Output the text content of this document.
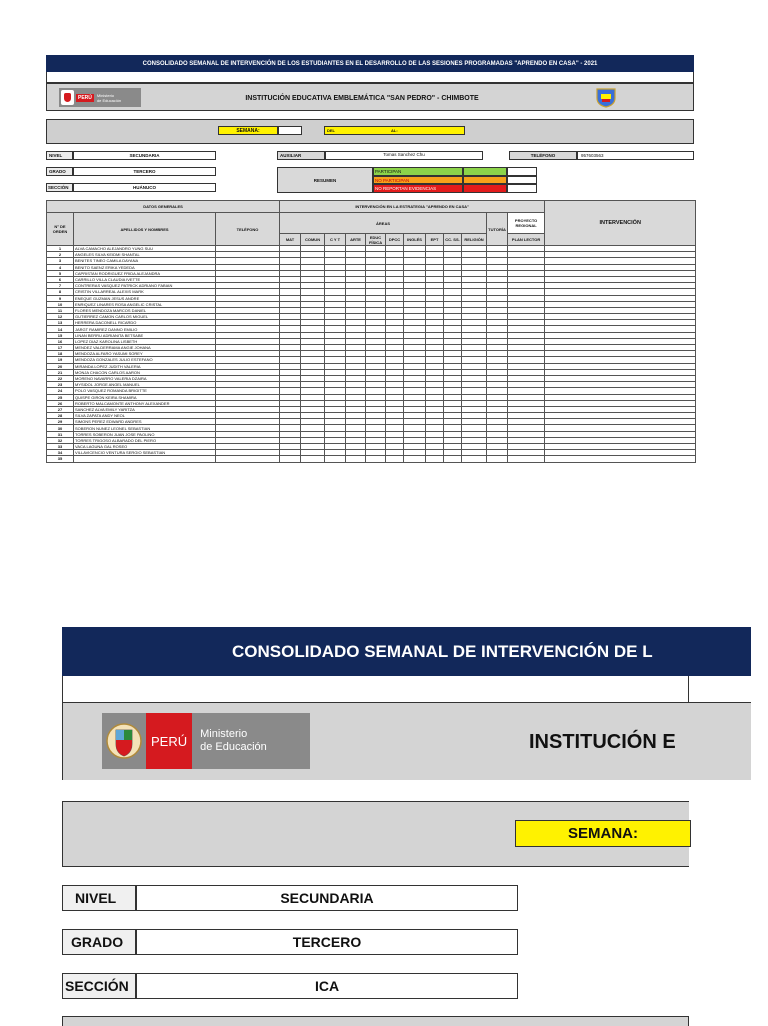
CONSOLIDADO SEMANAL DE INTERVENCIÓN DE LOS ESTUDIANTES EN EL DESARROLLO DE LAS SESIONES PROGRAMADAS "APRENDO EN CASA" - 2021
PERÚ	Ministerio
de Educación	INSTITUCIÓN EDUCATIVA EMBLEMÁTICA "SAN PEDRO" - CHIMBOTE
SEMANA:	DEL	AL:
NIVEL	SECUNDARIA
GRADO	TERCERO
SECCIÓN	HUÁNUCO
AUXILIAR	Tomas Sanchez Chu	TELÉFONO	957603563
RESUMEN
PARTICIPAN
NO PARTICIPAN
NO REPORTAN EVIDENCIAS
DATOS GENERALES			INTERVENCIÓN EN LA ESTRATEGIA "APRENDO EN CASA"												INTERVENCIÓN
N° DE ORDEN	APELLIDOS Y NOMBRES	TELÉFONO	ÁREAS										TUTORÍA	PROYECTO REGIONAL	
			MAT	COMUN	C Y T	ARTE	EDUC FÍSICA	DPCC	INGLÉS	EPT	CC. SS.	RELIGIÓN		PLAN LECTOR	

1	ALVA CAMACHO ALEJANDRO YUNG SUU														
2	ANGELES SILVA KEIDMI SHANTAL														
3	BENITES TINEO CAMILA DAYANA														
4	BENITO SAENZ ERIKA YEDEDA														
5	CAPRISTAN RODRIGUEZ FRIDA ALEJANDRA														
6	CARRILLO VILLA CLAUDIA IVETTE														
7	CONTRERAS VASQUEZ PATRICK ADRIANO FABIAN														
8	CRISTIN VILLARREAL ALEXIS MARK														
9	ENEQUE GUZMAN JESUS ANDRE														
10	ENRIQUEZ LINARES ROSA ANGELIC CRISTAL														
11	FLORES MENDOZA MARCOS DANIEL														
12	GUTIERREZ CAMON CARLOS MIGUEL														
13	HERRERA DACONELL RICARDO														
14	JARGT RAMIREZ DANNO EMILIO														
15	LINAN BERRU ADRIANITA BETSABE														
16	LOPEZ DIAZ KAROLINA LISBETH														
17	MENDEZ VALDERRAMA ANGIE JOHANA														
18	MENDOZA ALFARO YASUMI SOREY														
19	MENDOZA GONZALES JULIO ESTEFANO														
20	MIRANDA LOPEZ JUDITH VALERIA														
21	MONJA CHACON CARLOS AARON														
22	MORENO NAVARRO VALERIA DZAIRA														
23	MYSIDOL JORGE ANGEL MANUEL														
24	POLO VASQUEZ ROMANDA BRIGITTE														
25	QUISPE GIRON KEIRA SHAMIRA														
26	ROBERTO MALCAMONTE ANTHONY ALEXANDER														
27	SANCHEZ ALVA EMILY YARITZA														
28	SILVA ZAPATA ANDY NEOL														
29	SIMONS PEREZ EDWARD ANDRES														
30	SOBERON NUNEZ LEONEL SEBASTIAN														
31	TORRES SOBERON JUAN JOSE PAOLINO														
32	TORRES TRIGOSO ALBARADO DEL PIERO														
33	VACA LAGUNA GAL ROSEO														
34	VILLAVICENCIO VENTURA SERGIO SEBASTIAN														
35															
CONSOLIDADO SEMANAL DE INTERVENCIÓN DE L
PERÚ	Ministerio
de Educación	INSTITUCIÓN E
SEMANA:
NIVEL	SECUNDARIA
GRADO	TERCERO
SECCIÓN	ICA
